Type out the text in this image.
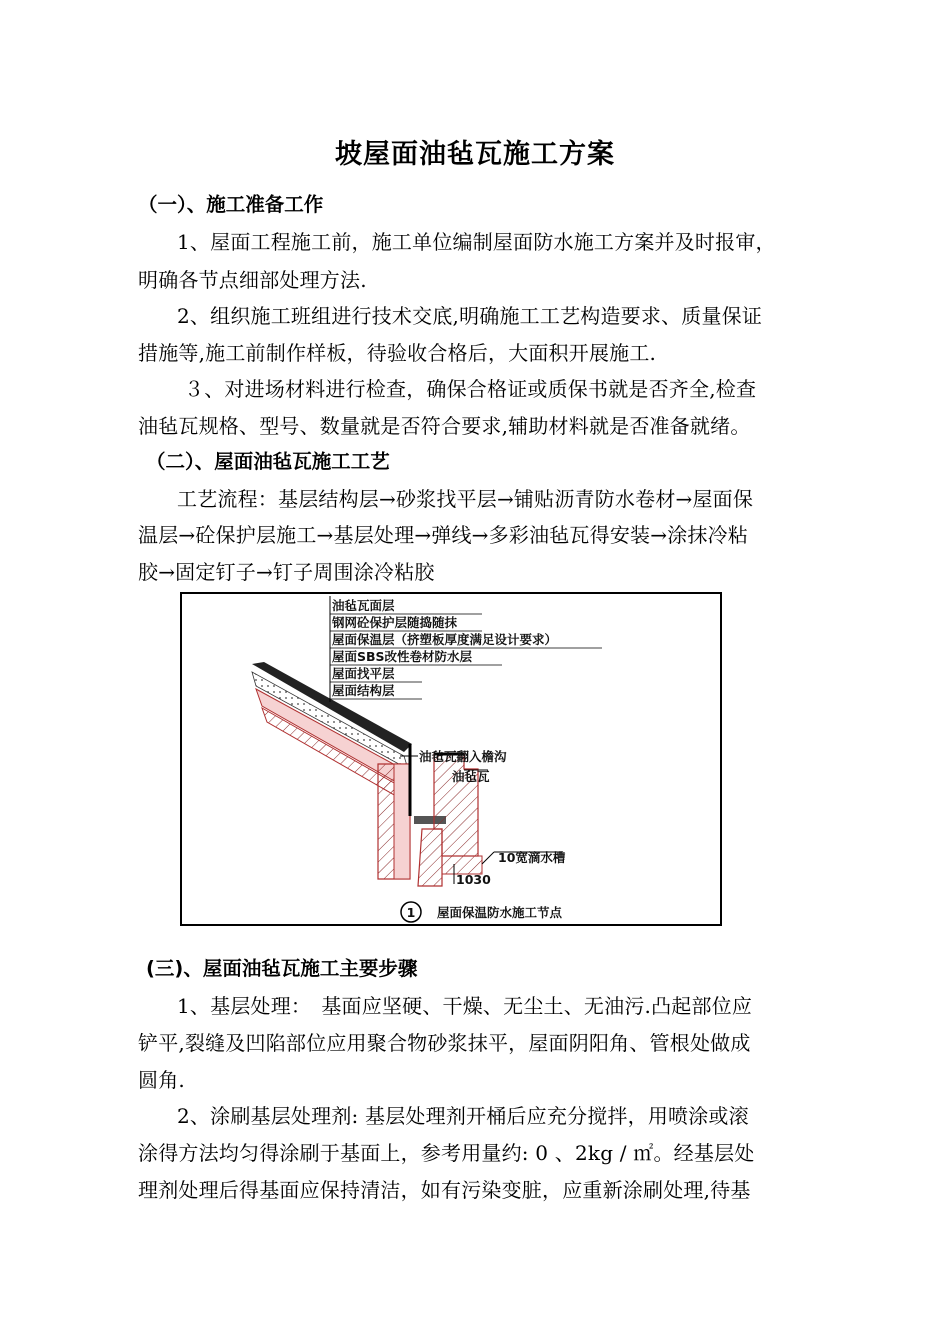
坡屋面油毡瓦施工方案
（一）、施工准备工作
1、屋面工程施工前，施工单位编制屋面防水施工方案并及时报审，
明确各节点细部处理方法.
2、组织施工班组进行技术交底,明确施工工艺构造要求、质量保证
措施等,施工前制作样板，待验收合格后，大面积开展施工.
３、对进场材料进行检查，确保合格证或质保书就是否齐全,检查
油毡瓦规格、型号、数量就是否符合要求,辅助材料就是否准备就绪。
（二）、屋面油毡瓦施工工艺
工艺流程：基层结构层→砂浆找平层→铺贴沥青防水卷材→屋面保
温层→砼保护层施工→基层处理→弹线→多彩油毡瓦得安装→涂抹冷粘
胶→固定钉子→钉子周围涂冷粘胶
油毡瓦面层
钢网砼保护层随捣随抹
屋面保温层（挤塑板厚度满足设计要求）
屋面SBS改性卷材防水层
屋面找平层
屋面结构层
油毡瓦翻入檐沟
油毡瓦
10宽滴水槽
1030
1 屋面保温防水施工节点
(三)、屋面油毡瓦施工主要步骤
1、基层处理：　基面应坚硬、干燥、无尘土、无油污.凸起部位应
铲平,裂缝及凹陷部位应用聚合物砂浆抹平，屋面阴阳角、管根处做成
圆角.
2、涂刷基层处理剂: 基层处理剂开桶后应充分搅拌，用喷涂或滚
涂得方法均匀得涂刷于基面上，参考用量约: 0 、2kg / ㎡。经基层处
理剂处理后得基面应保持清洁，如有污染变脏，应重新涂刷处理,待基
